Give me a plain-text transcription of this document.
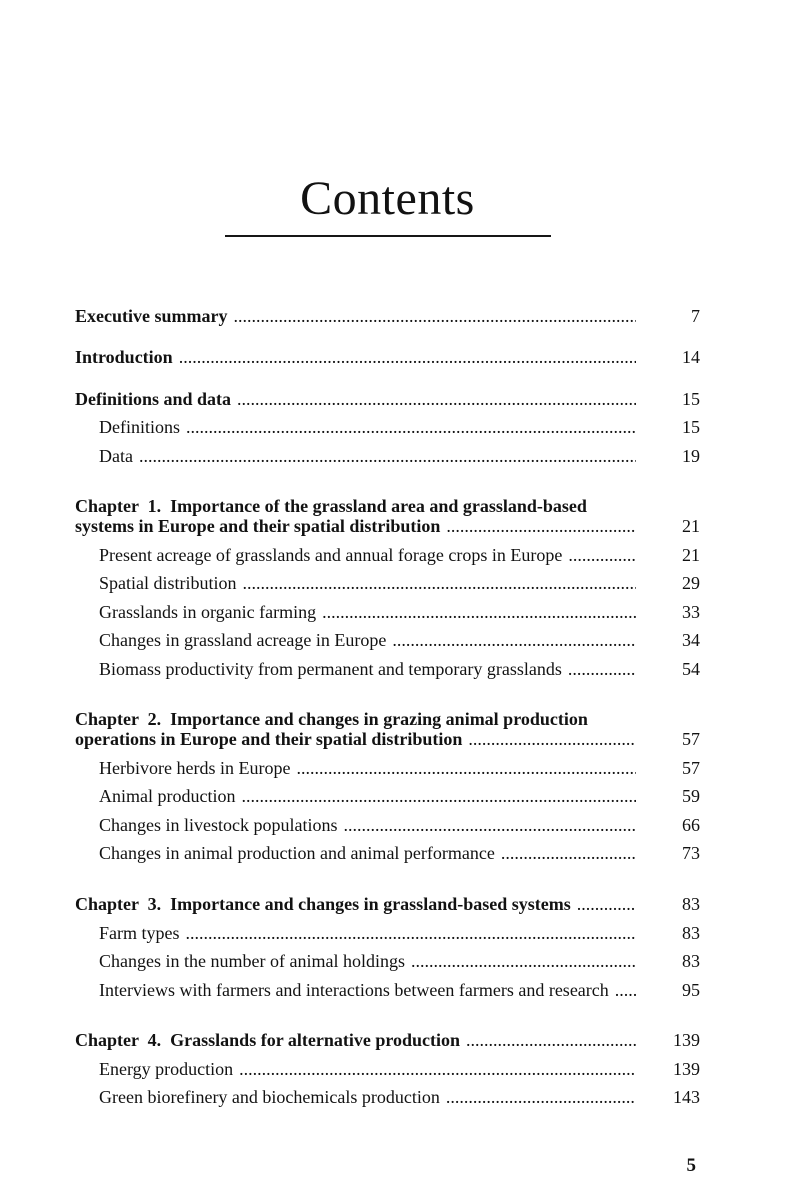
Contents
Executive summary .....	7
Introduction .....	14
Definitions and data .....	15
Definitions .....	15
Data .....	19
Chapter  1.  Importance of the grassland area and grassland-based
systems in Europe and their spatial distribution .....	21
Present acreage of grasslands and annual forage crops in Europe .....	21
Spatial distribution .....	29
Grasslands in organic farming .....	33
Changes in grassland acreage in Europe .....	34
Biomass productivity from permanent and temporary grasslands .....	54
Chapter  2.  Importance and changes in grazing animal production
operations in Europe and their spatial distribution .....	57
Herbivore herds in Europe .....	57
Animal production .....	59
Changes in livestock populations .....	66
Changes in animal production and animal performance .....	73
Chapter  3.  Importance and changes in grassland-based systems .....	83
Farm types .....	83
Changes in the number of animal holdings .....	83
Interviews with farmers and interactions between farmers and research .....	95
Chapter  4.  Grasslands for alternative production .....	139
Energy production .....	139
Green biorefinery and biochemicals production .....	143
5
